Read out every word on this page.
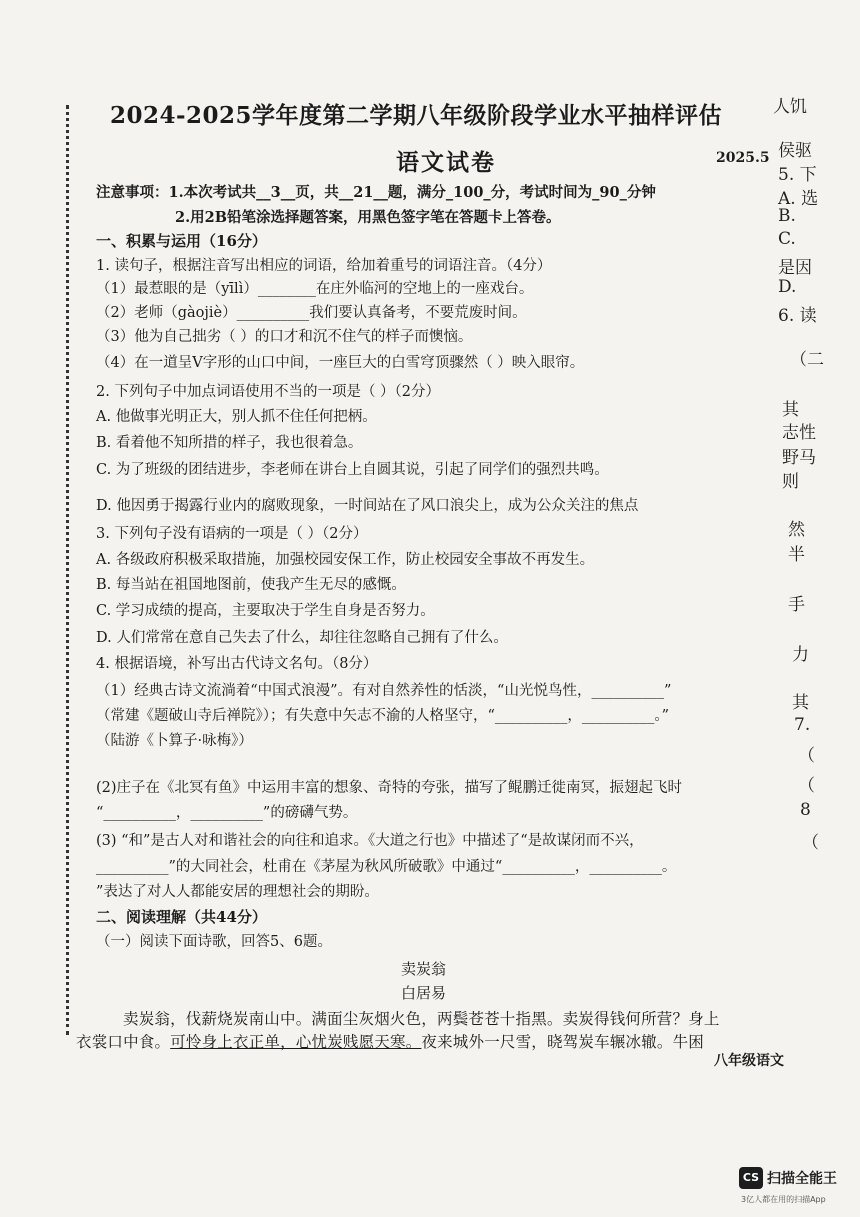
人饥
侯驱
5. 下
A. 选
B.
C.
是因
D.
6. 读
（二
其
志性
野马
则
然
半
手
力
其
7.
（
（
8
（
2024-2025学年度第二学期八年级阶段学业水平抽样评估
语文试卷	2025.5
注意事项：1.本次考试共__3__页，共__21__题，满分_100_分，考试时间为_90_分钟
2.用2B铅笔涂选择题答案，用黑色签字笔在答题卡上答卷。
一、积累与运用（16分）
1. 读句子，根据注音写出相应的词语，给加着重号的词语注音。（4分）
（1）最惹眼的是（yīlì）________在庄外临河的空地上的一座戏台。
（2）老师（gàojiè）__________我们要认真备考，不要荒废时间。
（3）他为自己拙劣（ ）的口才和沉不住气的样子而懊恼。
（4）在一道呈V字形的山口中间，一座巨大的白雪穹顶骤然（ ）映入眼帘。
2. 下列句子中加点词语使用不当的一项是（ ）（2分）
A. 他做事光明正大，别人抓不住任何把柄。
B. 看着他不知所措的样子，我也很着急。
C. 为了班级的团结进步，李老师在讲台上自圆其说，引起了同学们的强烈共鸣。
D. 他因勇于揭露行业内的腐败现象，一时间站在了风口浪尖上，成为公众关注的焦点
3. 下列句子没有语病的一项是（ ）（2分）
A. 各级政府积极采取措施，加强校园安保工作，防止校园安全事故不再发生。
B. 每当站在祖国地图前，使我产生无尽的感慨。
C. 学习成绩的提高，主要取决于学生自身是否努力。
D. 人们常常在意自己失去了什么，却往往忽略自己拥有了什么。
4. 根据语境，补写出古代诗文名句。（8分）
（1）经典古诗文流淌着“中国式浪漫”。有对自然养性的恬淡，“山光悦鸟性，__________”
（常建《题破山寺后禅院》）；有失意中矢志不渝的人格坚守，“__________，__________。”
（陆游《卜算子·咏梅》）
(2)庄子在《北冥有鱼》中运用丰富的想象、奇特的夸张，描写了鲲鹏迁徙南冥，振翅起飞时
“__________，__________”的磅礴气势。
(3) “和”是古人对和谐社会的向往和追求。《大道之行也》中描述了“是故谋闭而不兴，
__________”的大同社会，杜甫在《茅屋为秋风所破歌》中通过“__________，__________。
”表达了对人人都能安居的理想社会的期盼。
二、阅读理解（共44分）
（一）阅读下面诗歌，回答5、6题。
卖炭翁
白居易
卖炭翁，伐薪烧炭南山中。满面尘灰烟火色，两鬓苍苍十指黑。卖炭得钱何所营？身上
衣裳口中食。可怜身上衣正单，心忧炭贱愿天寒。夜来城外一尺雪，晓驾炭车辗冰辙。牛困
八年级语文
CS 扫描全能王
3亿人都在用的扫描App
